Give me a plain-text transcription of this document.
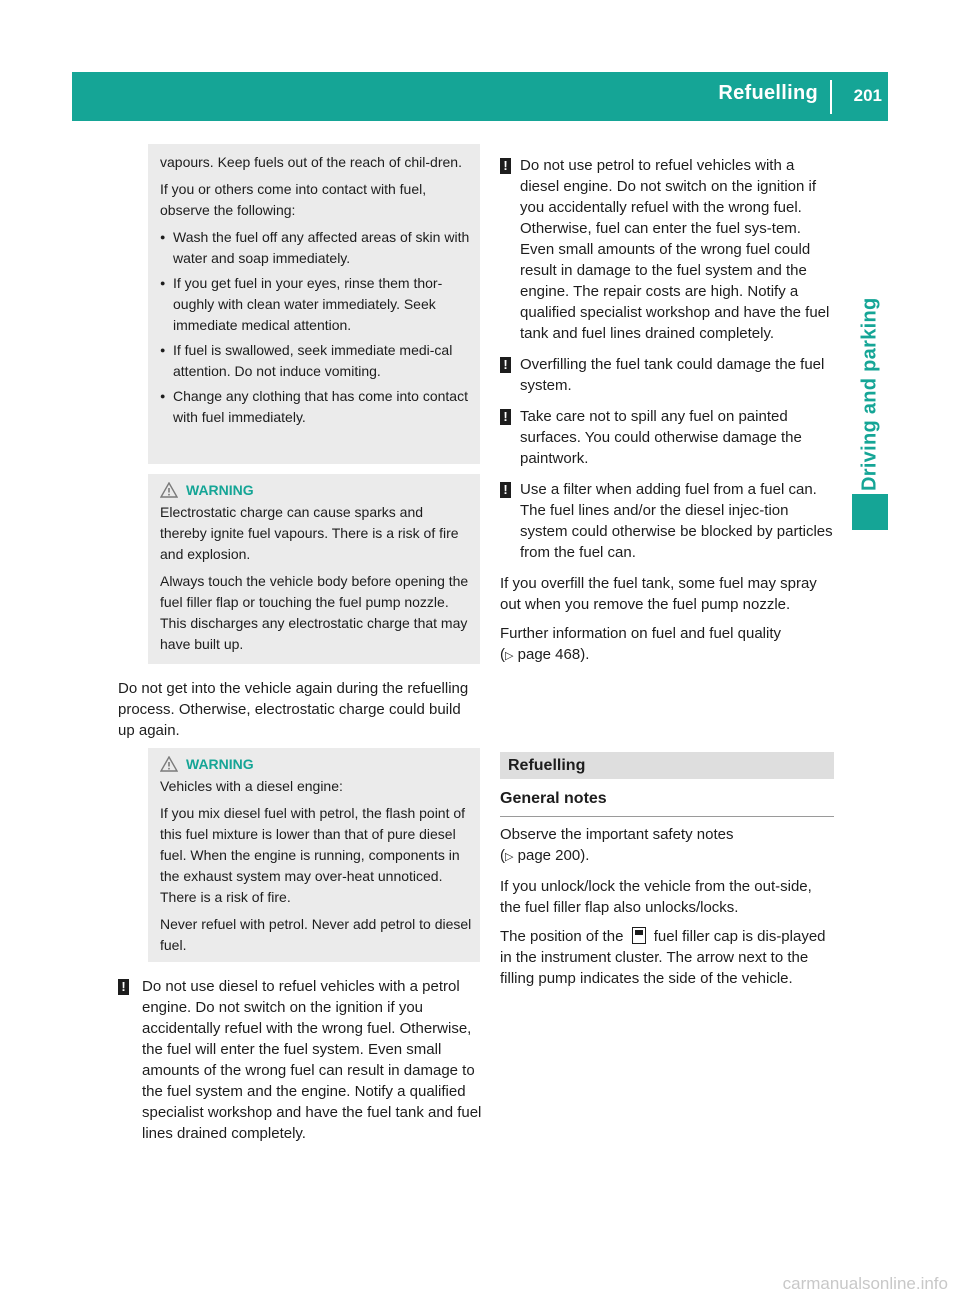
Refuelling 201
Driving and parking

vapours. Keep fuels out of the reach of chil-dren.

If you or others come into contact with fuel, observe the following:

● Wash the fuel off any affected areas of skin with water and soap immediately.
● If you get fuel in your eyes, rinse them thor-oughly with clean water immediately. Seek immediate medical attention.
● If fuel is swallowed, seek immediate medi-cal attention. Do not induce vomiting.
● Change any clothing that has come into contact with fuel immediately.
WARNING

Electrostatic charge can cause sparks and thereby ignite fuel vapours. There is a risk of fire and explosion.

Always touch the vehicle body before opening the fuel filler flap or touching the fuel pump nozzle. This discharges any electrostatic charge that may have built up.

Do not get into the vehicle again during the refuelling process. Otherwise, electrostatic charge could build up again.

WARNING

Vehicles with a diesel engine:

If you mix diesel fuel with petrol, the flash point of this fuel mixture is lower than that of pure diesel fuel. When the engine is running, components in the exhaust system may over-heat unnoticed. There is a risk of fire.

Never refuel with petrol. Never add petrol to diesel fuel.

! Do not use diesel to refuel vehicles with a petrol engine. Do not switch on the ignition if you accidentally refuel with the wrong fuel. Otherwise, the fuel will enter the fuel system. Even small amounts of the wrong fuel can result in damage to the fuel system and the engine. Notify a qualified specialist workshop and have the fuel tank and fuel lines drained completely.
! Do not use petrol to refuel vehicles with a diesel engine. Do not switch on the ignition if you accidentally refuel with the wrong fuel. Otherwise, fuel can enter the fuel sys-tem. Even small amounts of the wrong fuel could result in damage to the fuel system and the engine. The repair costs are high. Notify a qualified specialist workshop and have the fuel tank and fuel lines drained completely.
! Overfilling the fuel tank could damage the fuel system.
! Take care not to spill any fuel on painted surfaces. You could otherwise damage the paintwork.
! Use a filter when adding fuel from a fuel can. The fuel lines and/or the diesel injec-tion system could otherwise be blocked by particles from the fuel can.

If you overfill the fuel tank, some fuel may spray out when you remove the fuel pump nozzle.

Further information on fuel and fuel quality
(▷ page 468).

Refuelling
General notes

Observe the important safety notes
(▷ page 200).

If you unlock/lock the vehicle from the out-side, the fuel filler flap also unlocks/locks.

The position of the fuel filler cap is dis-played in the instrument cluster. The arrow next to the filling pump indicates the side of the vehicle.

carmanualsonline.info
